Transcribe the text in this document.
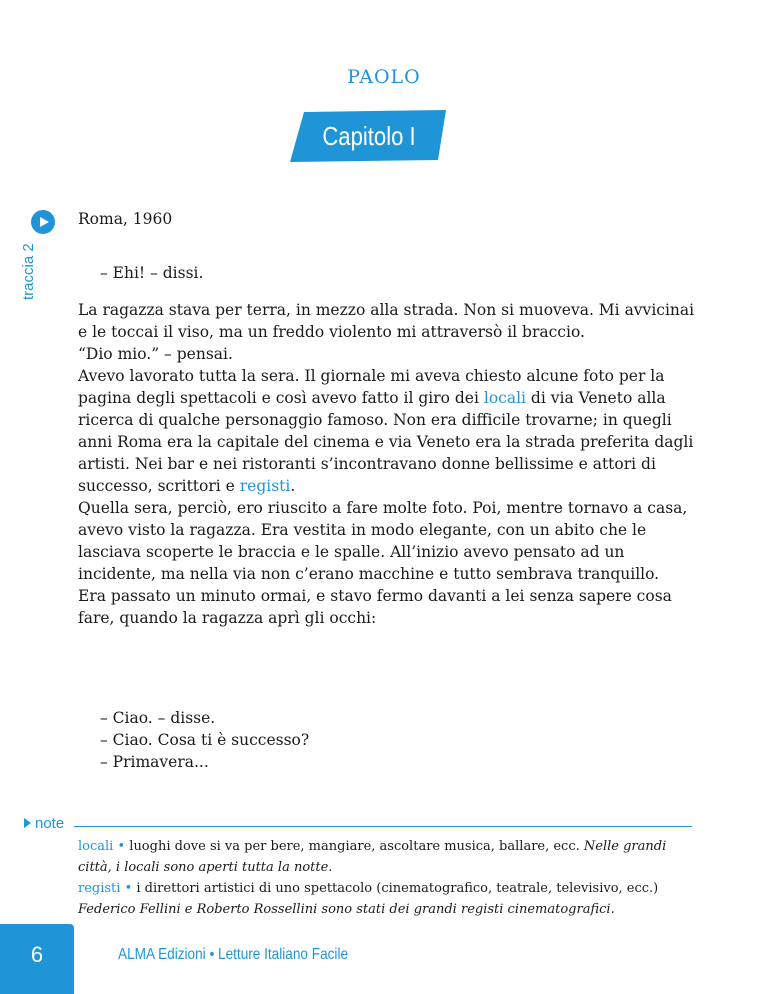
PAOLO
Capitolo I
traccia 2

Roma, 1960

– Ehi! – dissi.

La ragazza stava per terra, in mezzo alla strada. Non si muoveva. Mi avvicinai e le toccai il viso, ma un freddo violento mi attraversò il braccio.

“Dio mio.” – pensai.

Avevo lavorato tutta la sera. Il giornale mi aveva chiesto alcune foto per la pagina degli spettacoli e così avevo fatto il giro dei locali di via Veneto alla ricerca di qualche personaggio famoso. Non era difficile trovarne; in quegli anni Roma era la capitale del cinema e via Veneto era la strada preferita dagli artisti. Nei bar e nei ristoranti s’incontravano donne bellissime e attori di successo, scrittori e registi.

Quella sera, perciò, ero riuscito a fare molte foto. Poi, mentre tornavo a casa, avevo visto la ragazza. Era vestita in modo elegante, con un abito che le lasciava scoperte le braccia e le spalle. All’inizio avevo pensato ad un incidente, ma nella via non c’erano macchine e tutto sembrava tranquillo.

Era passato un minuto ormai, e stavo fermo davanti a lei senza sapere cosa fare, quando la ragazza aprì gli occhi:

– Ciao. – disse.

– Ciao. Cosa ti è successo?

– Primavera...

note

locali • luoghi dove si va per bere, mangiare, ascoltare musica, ballare, ecc. Nelle grandi città, i locali sono aperti tutta la notte.

registi • i direttori artistici di uno spettacolo (cinematografico, teatrale, televisivo, ecc.) Federico Fellini e Roberto Rossellini sono stati dei grandi registi cinematografici.

6	ALMA Edizioni • Letture Italiano Facile
